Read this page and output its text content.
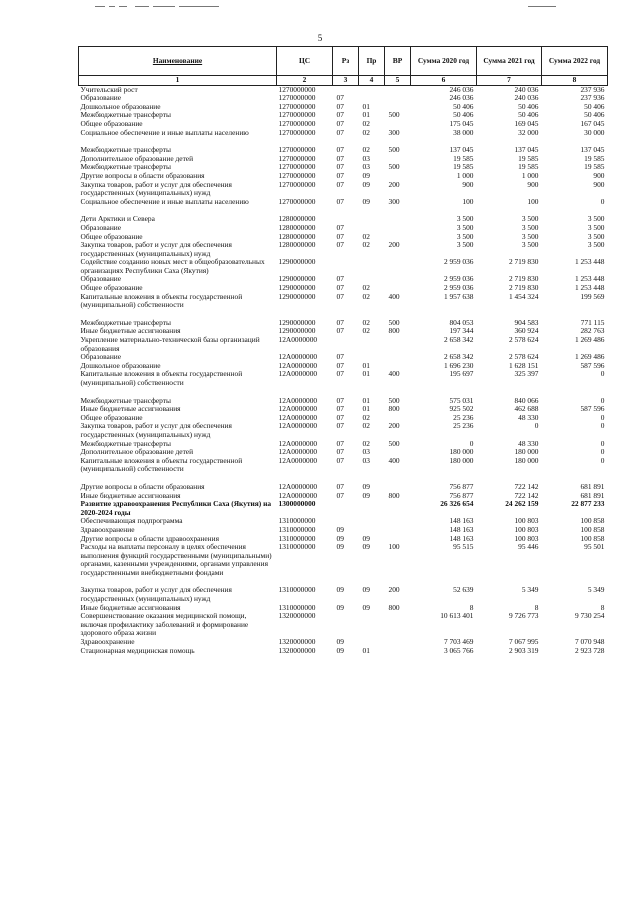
5
Наименование	ЦС	Рз	Пр	ВР	Сумма 2020 год	Сумма 2021 год	Сумма 2022 год
1	2	3	4	5	6	7	8
Учительский рост	1270000000				246 036	240 036	237 936
Образование	1270000000	07			246 036	240 036	237 936
Дошкольное образование	1270000000	07	01		50 406	50 406	50 406
Межбюджетные трансферты	1270000000	07	01	500	50 406	50 406	50 406
Общее образование	1270000000	07	02		175 045	169 045	167 045
Социальное обеспечение и иные выплаты населению	1270000000	07	02	300	38 000	32 000	30 000

Межбюджетные трансферты	1270000000	07	02	500	137 045	137 045	137 045
Дополнительное образование детей	1270000000	07	03		19 585	19 585	19 585
Межбюджетные трансферты	1270000000	07	03	500	19 585	19 585	19 585
Другие вопросы в области образования	1270000000	07	09		1 000	1 000	900
Закупка товаров, работ и услуг для обеспечения государственных (муниципальных) нужд	1270000000	07	09	200	900	900	900
Социальное обеспечение и иные выплаты населению	1270000000	07	09	300	100	100	0

Дети Арктики и Севера	1280000000				3 500	3 500	3 500
Образование	1280000000	07			3 500	3 500	3 500
Общее образование	1280000000	07	02		3 500	3 500	3 500
Закупка товаров, работ и услуг для обеспечения государственных (муниципальных) нужд	1280000000	07	02	200	3 500	3 500	3 500
Содействие созданию новых мест в общеобразовательных организациях Республики Саха (Якутия)	1290000000				2 959 036	2 719 830	1 253 448
Образование	1290000000	07			2 959 036	2 719 830	1 253 448
Общее образование	1290000000	07	02		2 959 036	2 719 830	1 253 448
Капитальные вложения в объекты государственной (муниципальной) собственности	1290000000	07	02	400	1 957 638	1 454 324	199 569

Межбюджетные трансферты	1290000000	07	02	500	804 053	904 583	771 115
Иные бюджетные ассигнования	1290000000	07	02	800	197 344	360 924	282 763
Укрепление материально-технической базы организаций образования	12А0000000				2 658 342	2 578 624	1 269 486
Образование	12А0000000	07			2 658 342	2 578 624	1 269 486
Дошкольное образование	12А0000000	07	01		1 696 230	1 628 151	587 596
Капитальные вложения в объекты государственной (муниципальной) собственности	12А0000000	07	01	400	195 697	325 397	0

Межбюджетные трансферты	12А0000000	07	01	500	575 031	840 066	0
Иные бюджетные ассигнования	12А0000000	07	01	800	925 502	462 688	587 596
Общее образование	12А0000000	07	02		25 236	48 330	0
Закупка товаров, работ и услуг для обеспечения государственных (муниципальных) нужд	12А0000000	07	02	200	25 236	0	0
Межбюджетные трансферты	12А0000000	07	02	500	0	48 330	0
Дополнительное образование детей	12А0000000	07	03		180 000	180 000	0
Капитальные вложения в объекты государственной (муниципальной) собственности	12А0000000	07	03	400	180 000	180 000	0

Другие вопросы в области образования	12А0000000	07	09		756 877	722 142	681 891
Иные бюджетные ассигнования	12А0000000	07	09	800	756 877	722 142	681 891
Развитие здравоохранения Республики Саха (Якутия) на 2020-2024 годы	1300000000				26 326 654	24 262 159	22 877 233
Обеспечивающая подпрограмма	1310000000				148 163	100 803	100 858
Здравоохранение	1310000000	09			148 163	100 803	100 858
Другие вопросы в области здравоохранения	1310000000	09	09		148 163	100 803	100 858
Расходы на выплаты персоналу в целях обеспечения выполнения функций государственными (муниципальными) органами, казенными учреждениями, органами управления государственными внебюджетными фондами	1310000000	09	09	100	95 515	95 446	95 501

Закупка товаров, работ и услуг для обеспечения государственных (муниципальных) нужд	1310000000	09	09	200	52 639	5 349	5 349
Иные бюджетные ассигнования	1310000000	09	09	800	8	8	8
Совершенствование оказания медицинской помощи, включая профилактику заболеваний и формирование здорового образа жизни	1320000000				10 613 401	9 726 773	9 730 254
Здравоохранение	1320000000	09			7 703 469	7 067 995	7 070 948
Стационарная медицинская помощь	1320000000	09	01		3 065 766	2 903 319	2 923 728
